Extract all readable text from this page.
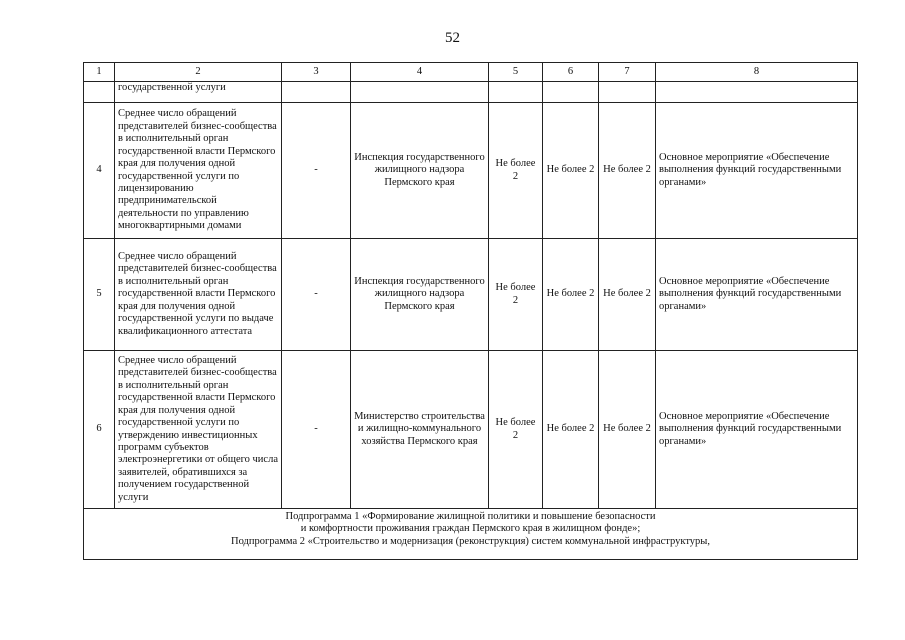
52
1	2	3	4	5	6	7	8
	государственной услуги						
4	Среднее число обращений представителей бизнес-сообщества в исполнительный орган государственной власти Пермского края для получения одной государственной услуги по лицензированию предпринимательской деятельности по управлению многоквартирными домами	-	Инспекция государственного жилищного надзора Пермского края	Не более 2	Не более 2	Не более 2	Основное мероприятие «Обеспечение выполнения функций государственными органами»
5	Среднее число обращений представителей бизнес-сообщества в исполнительный орган государственной власти Пермского края для получения одной государственной услуги по выдаче квалификационного аттестата	-	Инспекция государственного жилищного надзора Пермского края	Не более 2	Не более 2	Не более 2	Основное мероприятие «Обеспечение выполнения функций государственными органами»
6	Среднее число обращений представителей бизнес-сообщества в исполнительный орган государственной власти Пермского края для получения одной государственной услуги по утверждению инвестиционных программ субъектов электроэнергетики от общего числа заявителей, обратившихся за получением государственной услуги	-	Министерство строительства и жилищно-коммунального хозяйства Пермского края	Не более 2	Не более 2	Не более 2	Основное мероприятие «Обеспечение выполнения функций государственными органами»

Подпрограмма 1 «Формирование жилищной политики и повышение безопасности
и комфортности проживания граждан Пермского края в жилищном фонде»;
Подпрограмма 2 «Строительство и модернизация (реконструкция) систем коммунальной инфраструктуры,							
